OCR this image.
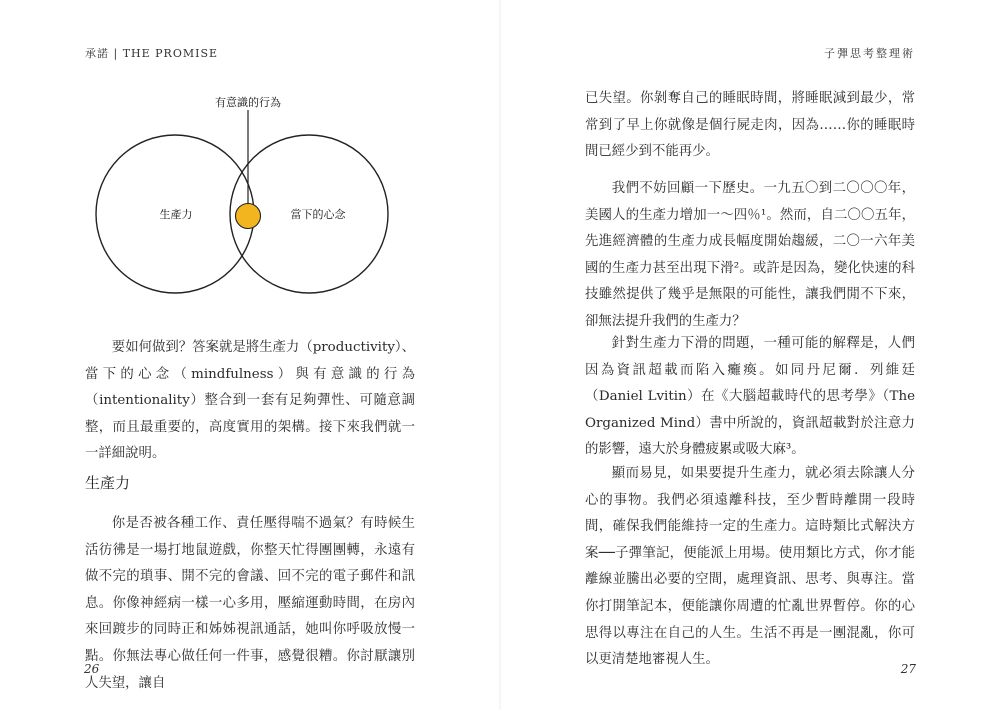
承諾 | THE PROMISE
有意識的行為
生產力	當下的心念

要如何做到？答案就是將生產力（productivity）、當下的心念（mindfulness）與有意識的行為（intentionality）整合到一套有足夠彈性、可隨意調整，而且最重要的，高度實用的架構。接下來我們就一一詳細說明。

生產力

你是否被各種工作、責任壓得喘不過氣？有時候生活彷彿是一場打地鼠遊戲，你整天忙得團團轉，永遠有做不完的瑣事、開不完的會議、回不完的電子郵件和訊息。你像神經病一樣一心多用，壓縮運動時間，在房內來回踱步的同時正和姊姊視訊通話，她叫你呼吸放慢一點。你無法專心做任何一件事，感覺很糟。你討厭讓別人失望，讓自

26
子彈思考整理術
27

已失望。你剝奪自己的睡眠時間，將睡眠減到最少，常常到了早上你就像是個行屍走肉，因為……你的睡眠時間已經少到不能再少。

我們不妨回顧一下歷史。一九五〇到二〇〇〇年，美國人的生產力增加一～四％¹。然而，自二〇〇五年，先進經濟體的生產力成長幅度開始趨緩，二〇一六年美國的生產力甚至出現下滑²。或許是因為，變化快速的科技雖然提供了幾乎是無限的可能性，讓我們閒不下來，卻無法提升我們的生產力？

針對生產力下滑的問題，一種可能的解釋是，人們因為資訊超載而陷入癱瘓。如同丹尼爾．列維廷（Daniel Lvitin）在《大腦超載時代的思考學》（The Organized Mind）書中所說的，資訊超載對於注意力的影響，遠大於身體疲累或吸大麻³。

顯而易見，如果要提升生產力，就必須去除讓人分心的事物。我們必須遠離科技，至少暫時離開一段時間，確保我們能維持一定的生產力。這時類比式解決方案──子彈筆記，便能派上用場。使用類比方式，你才能離線並騰出必要的空間，處理資訊、思考、與專注。當你打開筆記本，便能讓你周遭的忙亂世界暫停。你的心思得以專注在自己的人生。生活不再是一團混亂，你可以更清楚地審視人生。
